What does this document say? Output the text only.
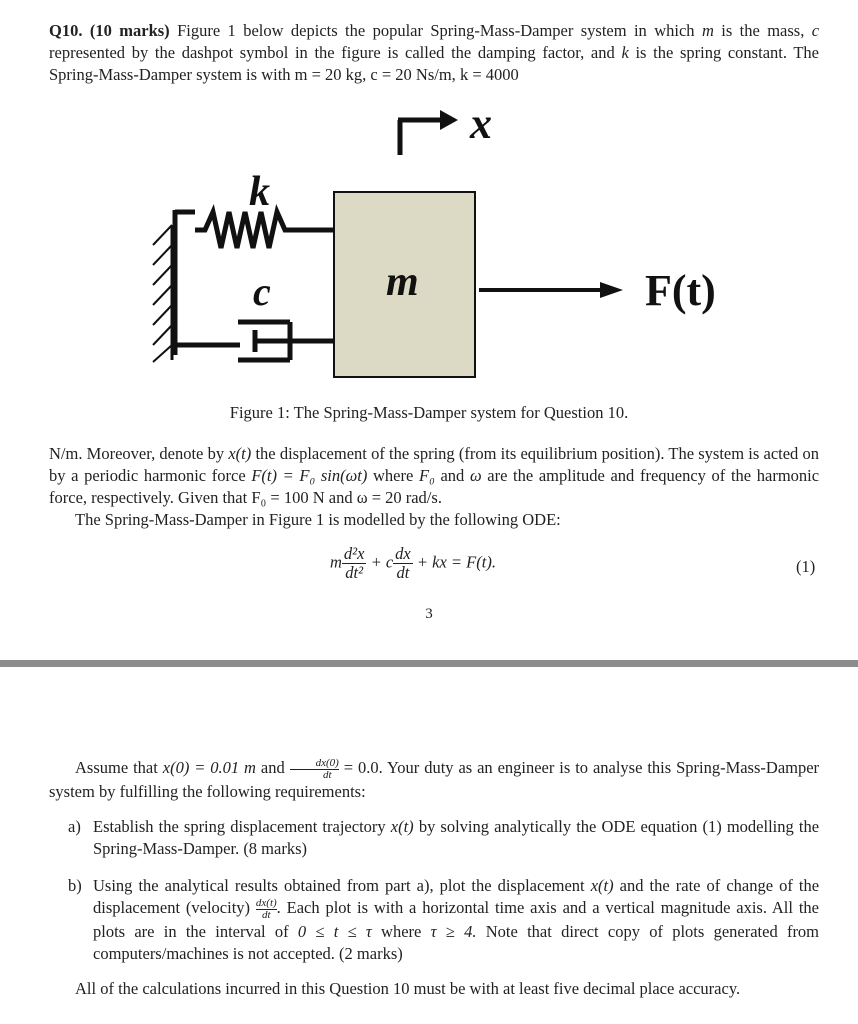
Q10. (10 marks) Figure 1 below depicts the popular Spring-Mass-Damper system in which m is the mass, c represented by the dashpot symbol in the figure is called the damping factor, and k is the spring constant. The Spring-Mass-Damper system is with m = 20 kg, c = 20 Ns/m, k = 4000
x
k
c	m	F(t)
Figure 1: The Spring-Mass-Damper system for Question 10.
N/m. Moreover, denote by x(t) the displacement of the spring (from its equilibrium position). The system is acted on by a periodic harmonic force F(t) = F₀ sin(ωt) where F₀ and ω are the amplitude and frequency of the harmonic force, respectively. Given that F₀ = 100 N and ω = 20 rad/s.
The Spring-Mass-Damper in Figure 1 is modelled by the following ODE:
m $\frac{\text{d²x}}{\text{dt²}} + c \frac{dx}{dt}$ + kx = F(t).	(1)
3
Assume that x(0) = 0.01 m and $\frac{dx(0)}{dt} = 0.0$. Your duty as an engineer is to analyse this Spring-Mass-Damper system by fulfilling the following requirements:
a) Establish the spring displacement trajectory x(t) by solving analytically the ODE equation (1) modelling the Spring-Mass-Damper. (8 marks)
b) Using the analytical results obtained from part a), plot the displacement x(t) and the rate of change of the displacement (velocity) $\frac{dx(t)}{dt}$ . Each plot is with a horizontal time axis and a vertical magnitude axis. All the plots are in the interval of 0 ≤ t ≤ τ where τ ≥ 4. Note that direct copy of plots generated from computers/machines is not accepted. (2 marks)
All of the calculations incurred in this Question 10 must be with at least five decimal place accuracy.
